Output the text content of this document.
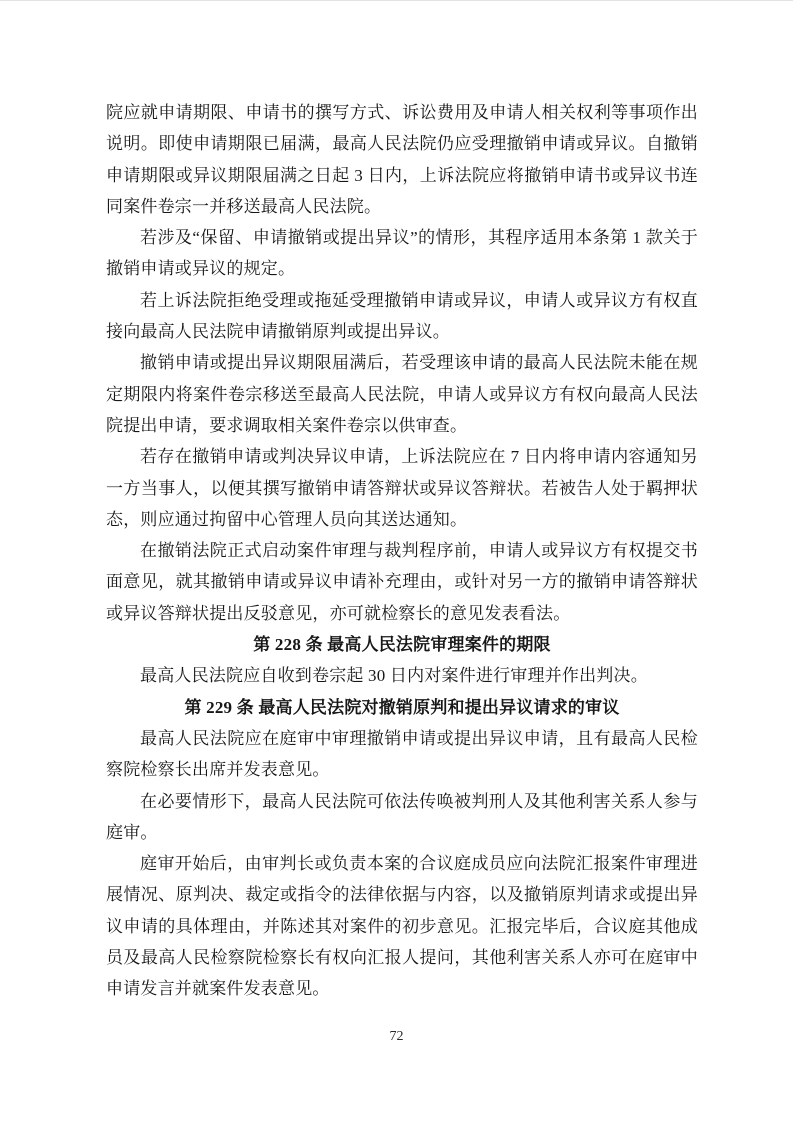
院应就申请期限、申请书的撰写方式、诉讼费用及申请人相关权利等事项作出说明。即使申请期限已届满，最高人民法院仍应受理撤销申请或异议。自撤销申请期限或异议期限届满之日起 3 日内，上诉法院应将撤销申请书或异议书连同案件卷宗一并移送最高人民法院。

若涉及“保留、申请撤销或提出异议”的情形，其程序适用本条第 1 款关于撤销申请或异议的规定。

若上诉法院拒绝受理或拖延受理撤销申请或异议，申请人或异议方有权直接向最高人民法院申请撤销原判或提出异议。

撤销申请或提出异议期限届满后，若受理该申请的最高人民法院未能在规定期限内将案件卷宗移送至最高人民法院，申请人或异议方有权向最高人民法院提出申请，要求调取相关案件卷宗以供审查。

若存在撤销申请或判决异议申请，上诉法院应在 7 日内将申请内容通知另一方当事人，以便其撰写撤销申请答辩状或异议答辩状。若被告人处于羁押状态，则应通过拘留中心管理人员向其送达通知。

在撤销法院正式启动案件审理与裁判程序前，申请人或异议方有权提交书面意见，就其撤销申请或异议申请补充理由，或针对另一方的撤销申请答辩状或异议答辩状提出反驳意见，亦可就检察长的意见发表看法。

第 228 条 最高人民法院审理案件的期限

最高人民法院应自收到卷宗起 30 日内对案件进行审理并作出判决。

第 229 条 最高人民法院对撤销原判和提出异议请求的审议

最高人民法院应在庭审中审理撤销申请或提出异议申请，且有最高人民检察院检察长出席并发表意见。

在必要情形下，最高人民法院可依法传唤被判刑人及其他利害关系人参与庭审。

庭审开始后，由审判长或负责本案的合议庭成员应向法院汇报案件审理进展情况、原判决、裁定或指令的法律依据与内容，以及撤销原判请求或提出异议申请的具体理由，并陈述其对案件的初步意见。汇报完毕后，合议庭其他成员及最高人民检察院检察长有权向汇报人提问，其他利害关系人亦可在庭审中申请发言并就案件发表意见。

72
